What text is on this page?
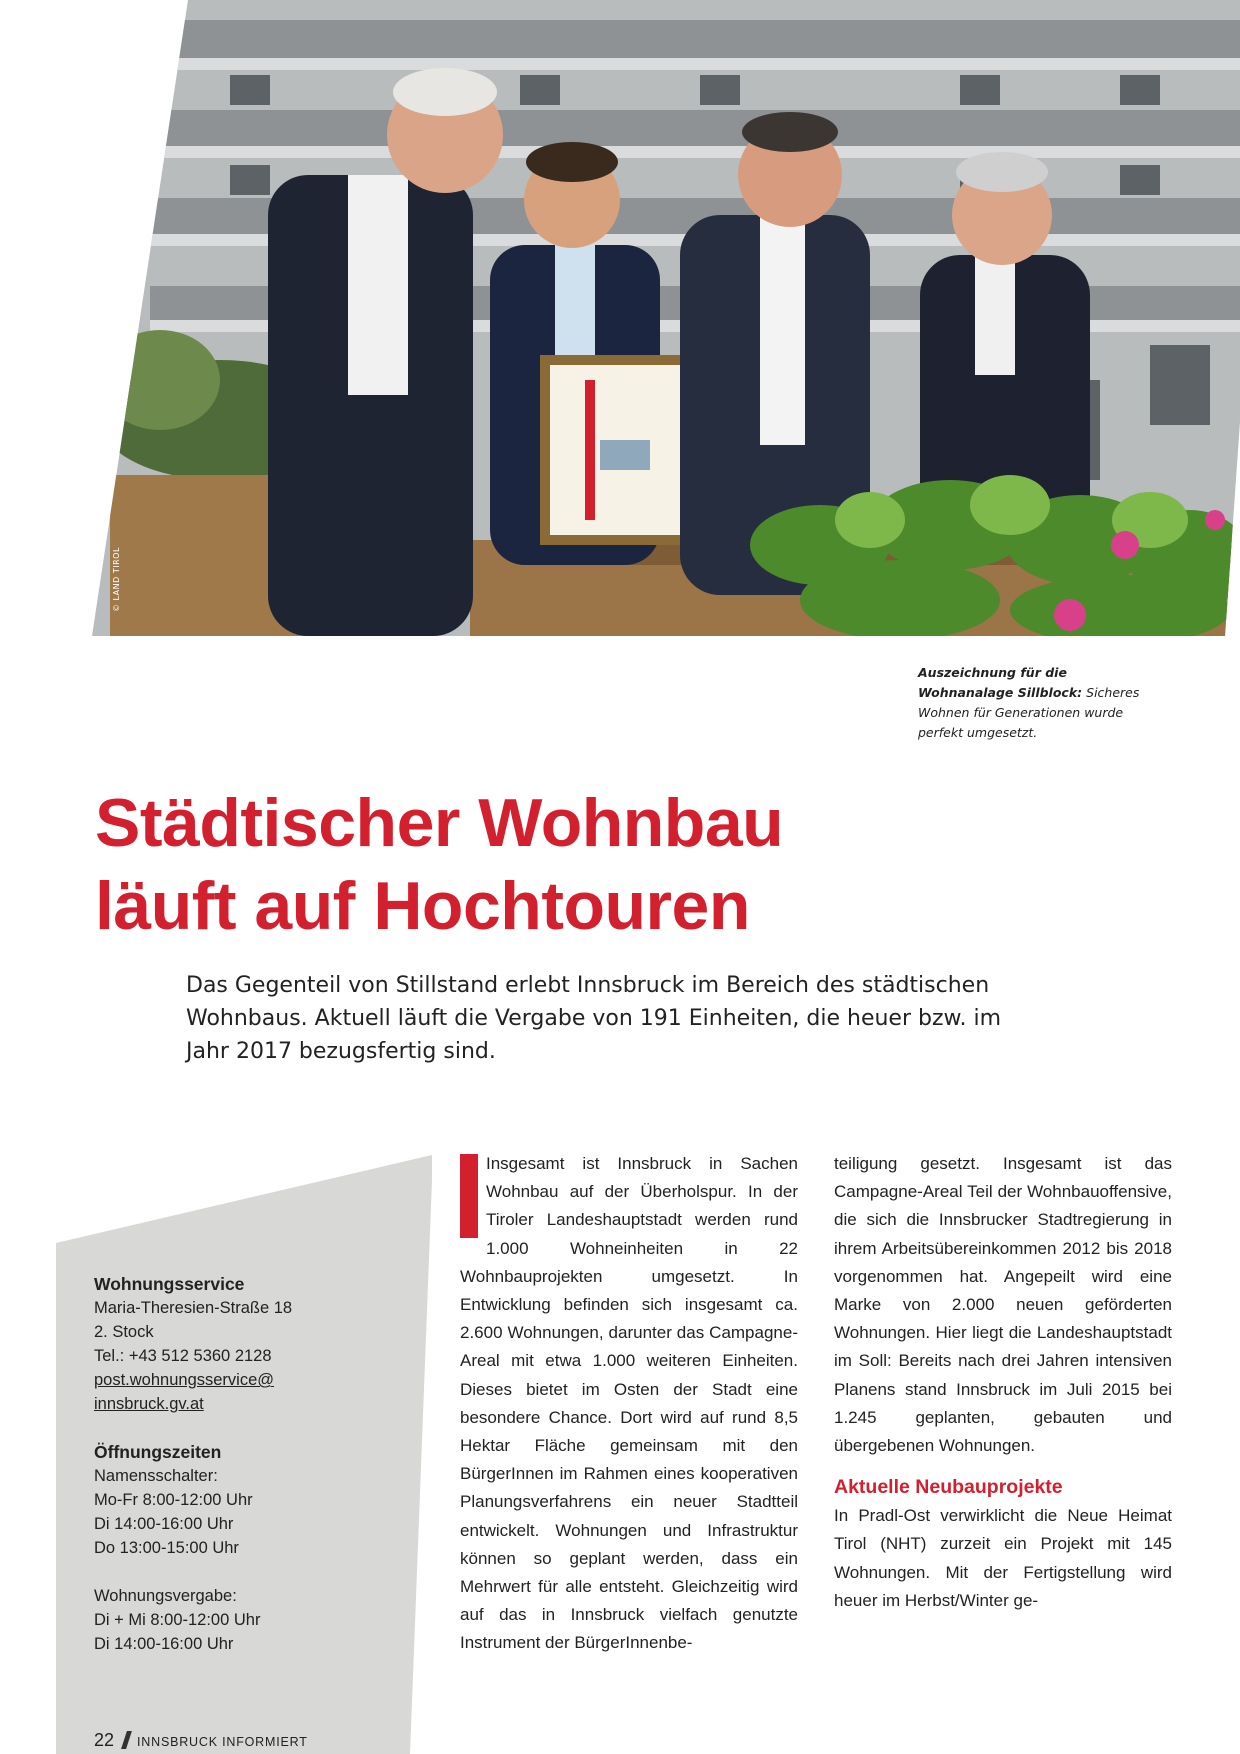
© LAND TIROL
Auszeichnung für die Wohnanalage Sillblock: Sicheres Wohnen für Generationen wurde perfekt umgesetzt.
Städtischer Wohnbau
läuft auf Hochtouren

Das Gegenteil von Stillstand erlebt Innsbruck im Bereich des städtischen Wohnbaus. Aktuell läuft die Vergabe von 191 Einheiten, die heuer bzw. im Jahr 2017 bezugsfertig sind.

Wohnungsservice
Maria-Theresien-Straße 18
2. Stock
Tel.: +43 512 5360 2128
post.wohnungsservice@
innsbruck.gv.at
Öffnungszeiten
Namensschalter:
Mo-Fr 8:00-12:00 Uhr
Di 14:00-16:00 Uhr
Do 13:00-15:00 Uhr
Wohnungsvergabe:
Di + Mi 8:00-12:00 Uhr
Di 14:00-16:00 Uhr
22 INNSBRUCK INFORMIERT

Insgesamt ist Innsbruck in Sachen Wohnbau auf der Überholspur. In der Tiroler Landeshauptstadt werden rund 1.000 Wohneinheiten in 22 Wohnbauprojekten umgesetzt. In Entwicklung befinden sich insgesamt ca. 2.600 Wohnungen, darunter das Campagne-Areal mit etwa 1.000 weiteren Einheiten. Dieses bietet im Osten der Stadt eine besondere Chance. Dort wird auf rund 8,5 Hektar Fläche gemeinsam mit den BürgerInnen im Rahmen eines kooperativen Planungsverfahrens ein neuer Stadtteil entwickelt. Wohnungen und Infrastruktur können so geplant werden, dass ein Mehrwert für alle entsteht. Gleichzeitig wird auf das in Innsbruck vielfach genutzte Instrument der BürgerInnenbe-

teiligung gesetzt. Insgesamt ist das Campagne-Areal Teil der Wohnbauoffensive, die sich die Innsbrucker Stadtregierung in ihrem Arbeitsübereinkommen 2012 bis 2018 vorgenommen hat. Angepeilt wird eine Marke von 2.000 neuen geförderten Wohnungen. Hier liegt die Landeshauptstadt im Soll: Bereits nach drei Jahren intensiven Planens stand Innsbruck im Juli 2015 bei 1.245 geplanten, gebauten und übergebenen Wohnungen.

Aktuelle Neubauprojekte

In Pradl-Ost verwirklicht die Neue Heimat Tirol (NHT) zurzeit ein Projekt mit 145 Wohnungen. Mit der Fertigstellung wird heuer im Herbst/Winter ge-
